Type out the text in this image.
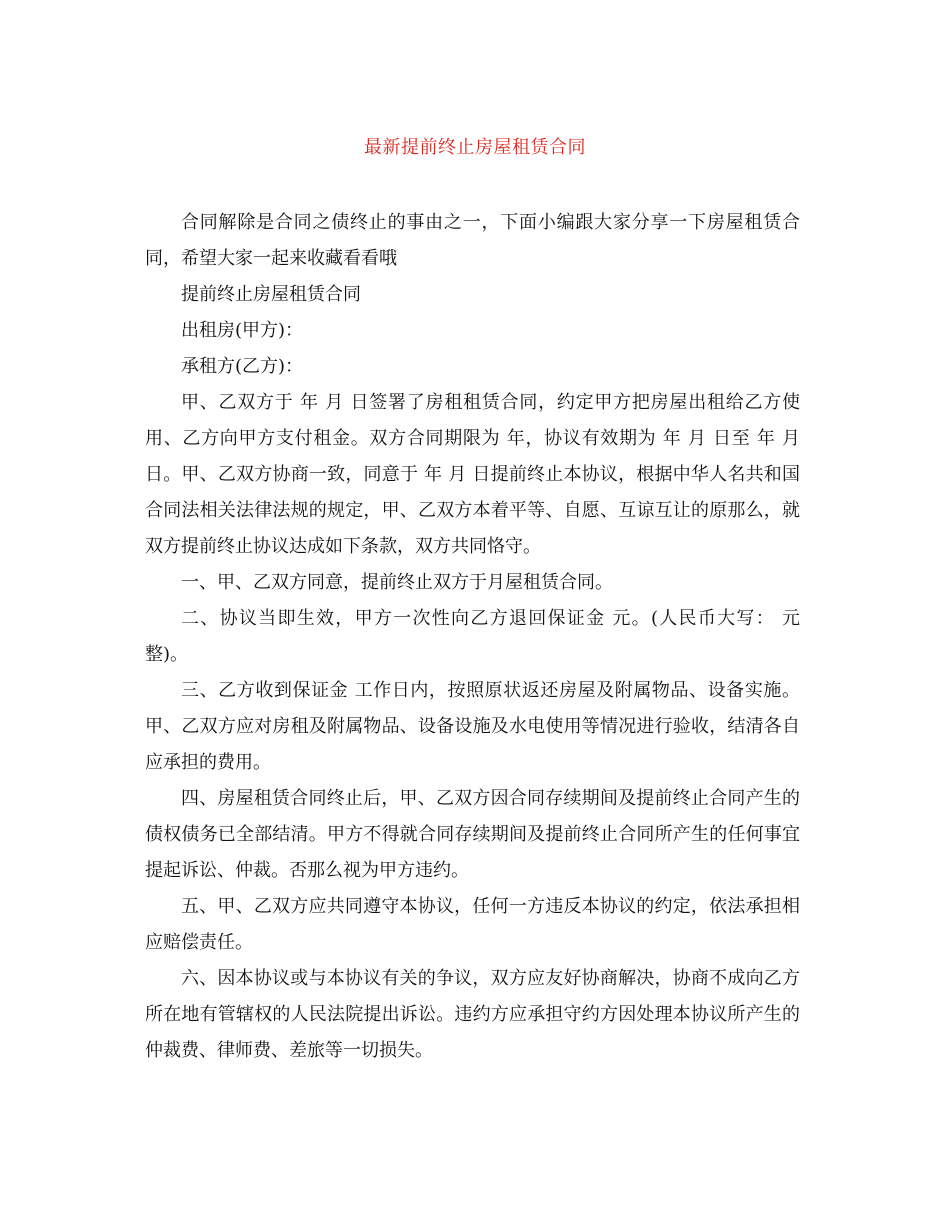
最新提前终止房屋租赁合同

合同解除是合同之债终止的事由之一，下面小编跟大家分享一下房屋租赁合同，希望大家一起来收藏看看哦

提前终止房屋租赁合同

出租房(甲方)：

承租方(乙方)：

甲、乙双方于 年 月 日签署了房租租赁合同，约定甲方把房屋出租给乙方使用、乙方向甲方支付租金。双方合同期限为 年，协议有效期为 年 月 日至 年 月日。甲、乙双方协商一致，同意于 年 月 日提前终止本协议，根据中华人名共和国合同法相关法律法规的规定，甲、乙双方本着平等、自愿、互谅互让的原那么，就双方提前终止协议达成如下条款，双方共同恪守。

一、甲、乙双方同意，提前终止双方于月屋租赁合同。

二、协议当即生效，甲方一次性向乙方退回保证金 元。(人民币大写： 元整)。

三、乙方收到保证金 工作日内，按照原状返还房屋及附属物品、设备实施。甲、乙双方应对房租及附属物品、设备设施及水电使用等情况进行验收，结清各自应承担的费用。

四、房屋租赁合同终止后，甲、乙双方因合同存续期间及提前终止合同产生的债权债务已全部结清。甲方不得就合同存续期间及提前终止合同所产生的任何事宜提起诉讼、仲裁。否那么视为甲方违约。

五、甲、乙双方应共同遵守本协议，任何一方违反本协议的约定，依法承担相应赔偿责任。

六、因本协议或与本协议有关的争议，双方应友好协商解决，协商不成向乙方所在地有管辖权的人民法院提出诉讼。违约方应承担守约方因处理本协议所产生的仲裁费、律师费、差旅等一切损失。
